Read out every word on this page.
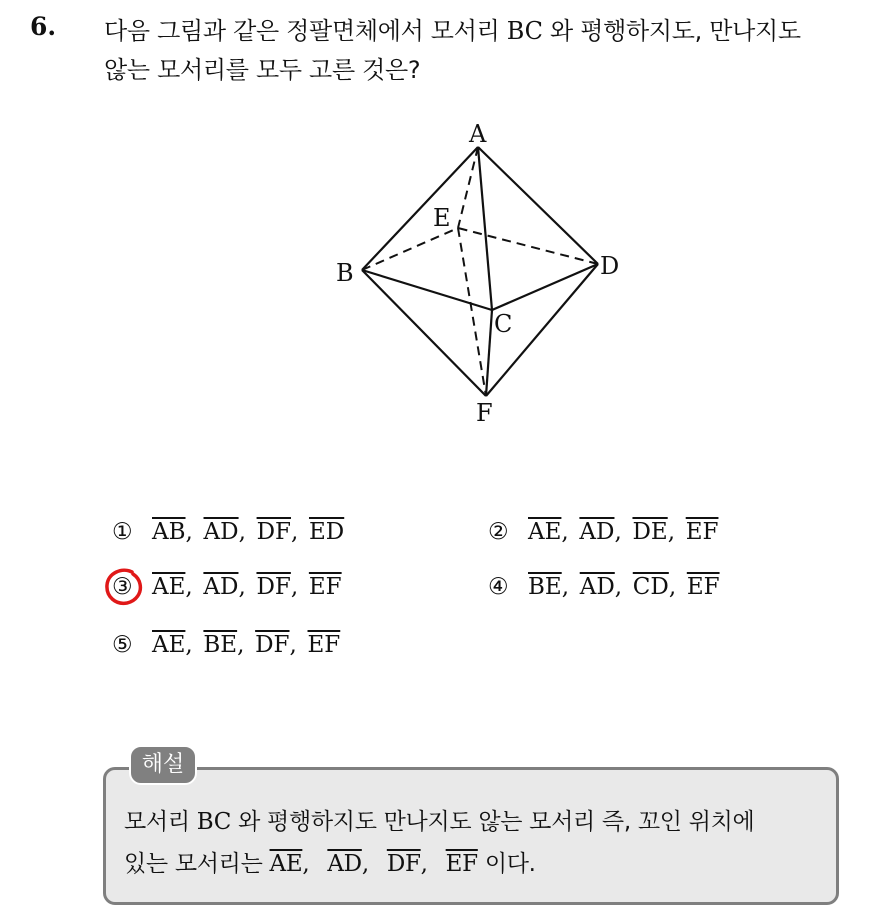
6. 다음 그림과 같은 정팔면체에서 모서리 BC 와 평행하지도, 만나지도
않는 모서리를 모두 고른 것은?
A
B
C
D
E
F
① $\overline{AB}$ , $\overline{AD}$ , $\overline{DF}$ , $\overline{ED}$	② $\overline{AE}$ , $\overline{AD}$ , $\overline{DE}$ , $\overline{EF}$
③ $\overline{AE}$ , $\overline{AD}$ , $\overline{DF}$ , $\overline{EF}$	④ $\overline{BE}$ , $\overline{AD}$ , $\overline{CD}$ , $\overline{EF}$
⑤ $\overline{AE}$ , $\overline{BE}$ , $\overline{DF}$ , $\overline{EF}$
해설
모서리 BC 와 평행하지도 만나지도 않는 모서리 즉, 꼬인 위치에
있는 모서리는 $\overline{AE}$, $\overline{AD}$, $\overline{DF}$, $\overline{EF}$ 이다.
